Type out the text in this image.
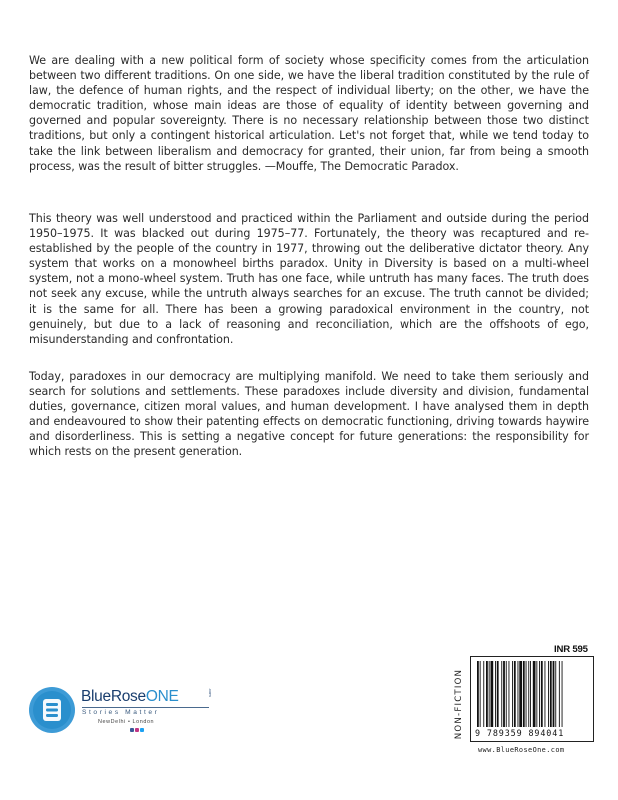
We are dealing with a new political form of society whose specificity comes from the articulation between two different traditions. On one side, we have the liberal tradition constituted by the rule of law, the defence of human rights, and the respect of individual liberty; on the other, we have the democratic tradition, whose main ideas are those of equality of identity between governing and governed and popular sovereignty. There is no necessary relationship between those two distinct traditions, but only a contingent historical articulation. Let's not forget that, while we tend today to take the link between liberalism and democracy for granted, their union, far from being a smooth process, was the result of bitter struggles. —Mouffe, The Democratic Paradox.

This theory was well understood and practiced within the Parliament and outside during the period 1950–1975. It was blacked out during 1975–77. Fortunately, the theory was recaptured and re-established by the people of the country in 1977, throwing out the deliberative dictator theory. Any system that works on a monowheel births paradox. Unity in Diversity is based on a multi-wheel system, not a mono-wheel system. Truth has one face, while untruth has many faces. The truth does not seek any excuse, while the untruth always searches for an excuse. The truth cannot be divided; it is the same for all. There has been a growing paradoxical environment in the country, not genuinely, but due to a lack of reasoning and reconciliation, which are the offshoots of ego, misunderstanding and confrontation.

Today, paradoxes in our democracy are multiplying manifold. We need to take them seriously and search for solutions and settlements. These paradoxes include diversity and division, fundamental duties, governance, citizen moral values, and human development. I have analysed them in depth and endeavoured to show their patenting effects on democratic functioning, driving towards haywire and disorderliness. This is setting a negative concept for future generations: the responsibility for which rests on the present generation.

BlueRoseONE	.com
Stories Matter
NewDelhi • London
INR 595
NON-FICTION 9 789359 894041
www.BlueRoseOne.com
